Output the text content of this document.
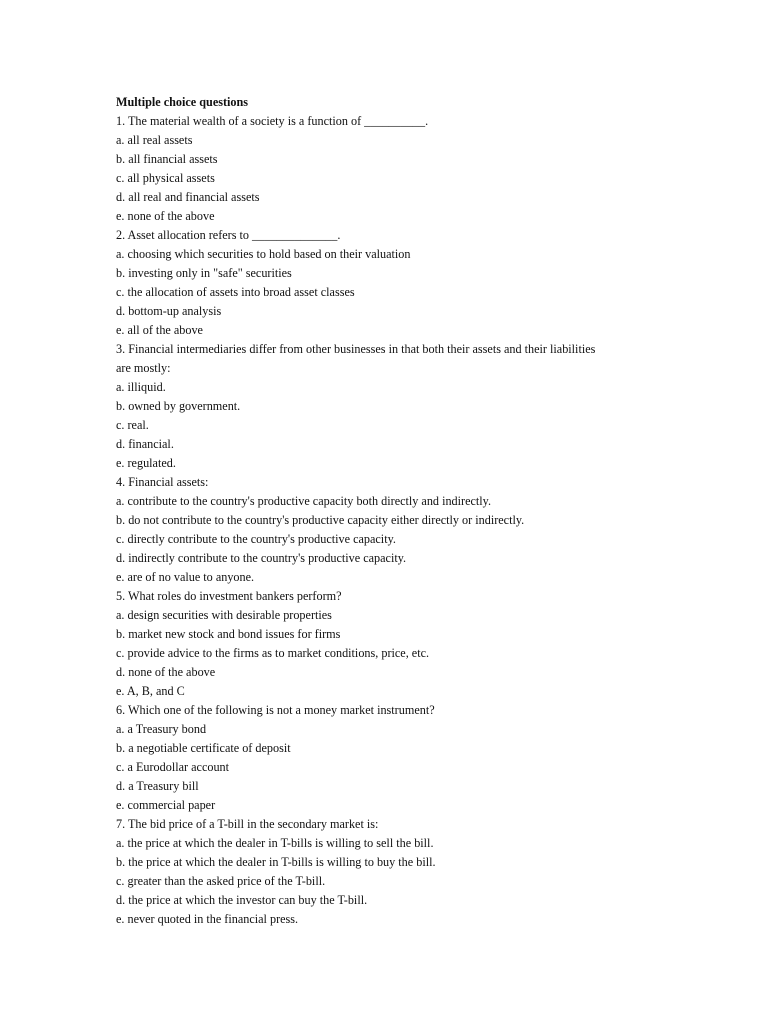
Multiple choice questions
1. The material wealth of a society is a function of __________.
a. all real assets
b. all financial assets
c. all physical assets
d. all real and financial assets
e. none of the above
2. Asset allocation refers to ______________.
a. choosing which securities to hold based on their valuation
b. investing only in "safe" securities
c. the allocation of assets into broad asset classes
d. bottom-up analysis
e. all of the above
3. Financial intermediaries differ from other businesses in that both their assets and their liabilities
are mostly:
a. illiquid.
b. owned by government.
c. real.
d. financial.
e. regulated.
4. Financial assets:
a. contribute to the country's productive capacity both directly and indirectly.
b. do not contribute to the country's productive capacity either directly or indirectly.
c. directly contribute to the country's productive capacity.
d. indirectly contribute to the country's productive capacity.
e. are of no value to anyone.
5. What roles do investment bankers perform?
a. design securities with desirable properties
b. market new stock and bond issues for firms
c. provide advice to the firms as to market conditions, price, etc.
d. none of the above
e. A, B, and C
6. Which one of the following is not a money market instrument?
a. a Treasury bond
b. a negotiable certificate of deposit
c. a Eurodollar account
d. a Treasury bill
e. commercial paper
7. The bid price of a T-bill in the secondary market is:
a. the price at which the dealer in T-bills is willing to sell the bill.
b. the price at which the dealer in T-bills is willing to buy the bill.
c. greater than the asked price of the T-bill.
d. the price at which the investor can buy the T-bill.
e. never quoted in the financial press.
